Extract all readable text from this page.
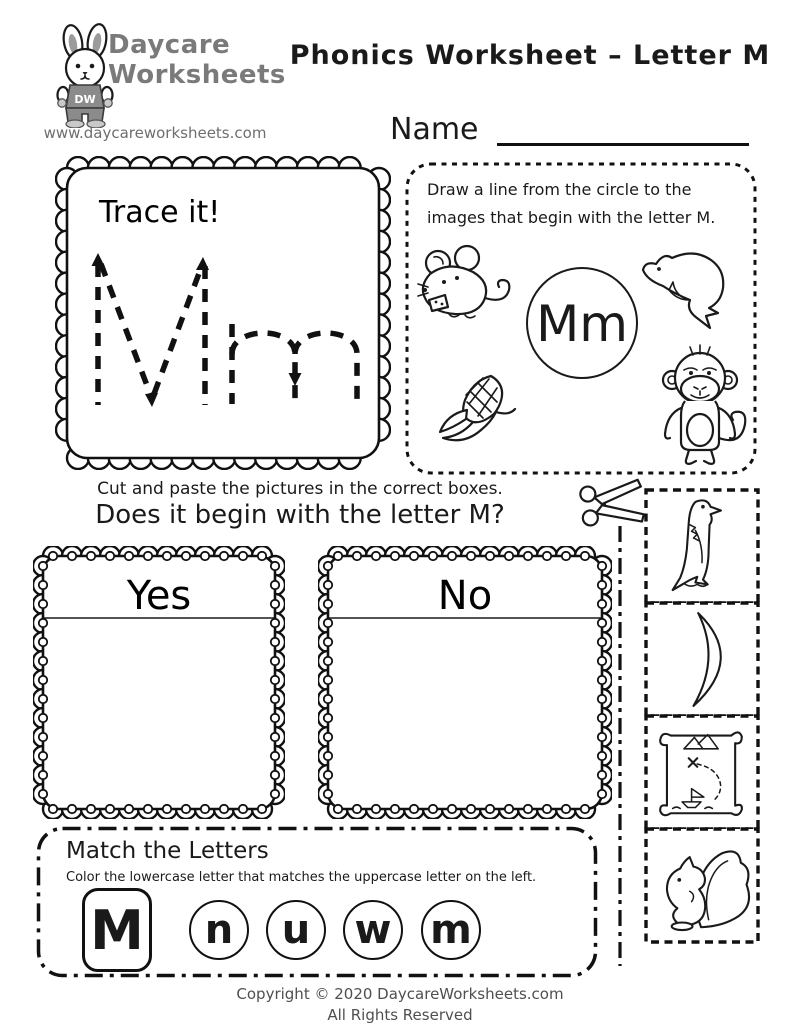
DW
Daycare
Worksheets
www.daycareworksheets.com
Phonics Worksheet – Letter M
Name
Trace it!
Draw a line from the circle to the
images that begin with the letter M.
Mm
Cut and paste the pictures in the correct boxes.
Does it begin with the letter M?
Yes	No
Match the Letters
Color the lowercase letter that matches the uppercase letter on the left.
M n u w m
Copyright © 2020 DaycareWorksheets.com
All Rights Reserved
